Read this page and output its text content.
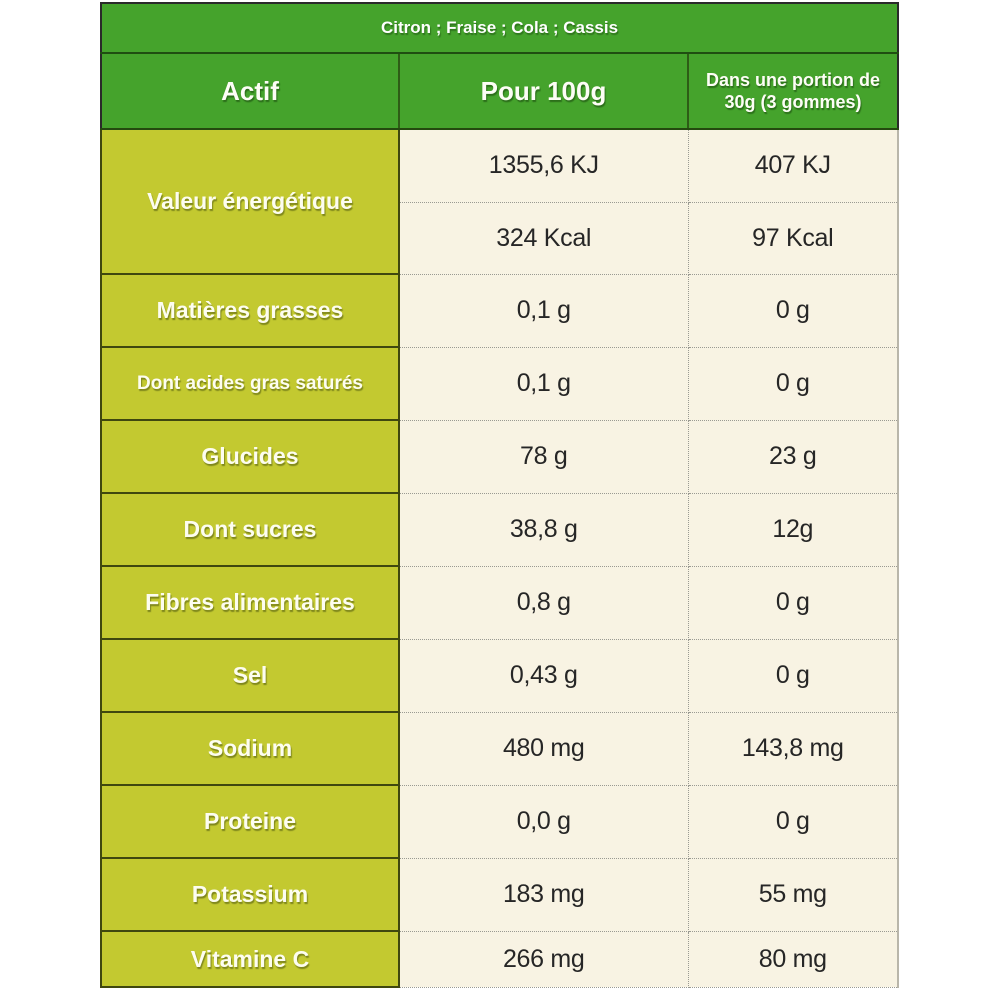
Citron ; Fraise ; Cola ; Cassis		
Actif	Pour 100g	Dans une portion de 30g (3 gommes)
Valeur énergétique	1355,6 KJ	407 KJ
	324 Kcal	97 Kcal
Matières grasses	0,1 g	0 g
Dont acides gras saturés	0,1 g	0 g
Glucides	78 g	23 g
Dont sucres	38,8 g	12g
Fibres alimentaires	0,8 g	0 g
Sel	0,43 g	0 g
Sodium	480 mg	143,8 mg
Proteine	0,0 g	0 g
Potassium	183 mg	55 mg
Vitamine C	266 mg	80 mg
